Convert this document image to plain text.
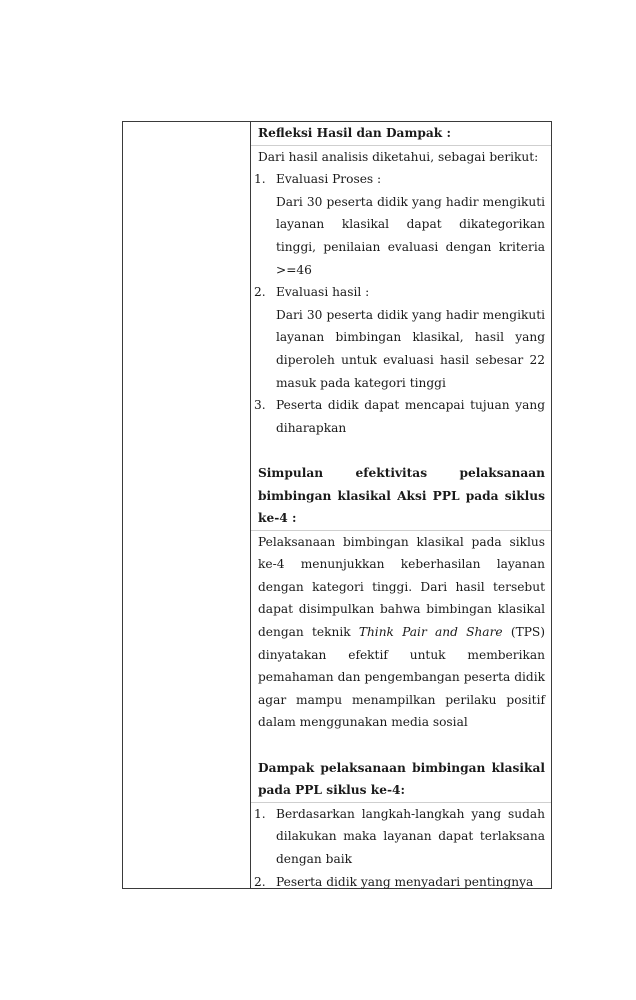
Refleksi Hasil dan Dampak :

Dari hasil analisis diketahui, sebagai berikut:

1. Evaluasi Proses :

Dari 30 peserta didik yang hadir mengikuti layanan klasikal dapat dikategorikan tinggi, penilaian evaluasi dengan kriteria >=46

2. Evaluasi hasil :

Dari 30 peserta didik yang hadir mengikuti layanan bimbingan klasikal, hasil yang diperoleh untuk evaluasi hasil sebesar 22 masuk pada kategori tinggi

3. Peserta didik dapat mencapai tujuan yang diharapkan

Simpulan efektivitas pelaksanaan bimbingan klasikal Aksi PPL pada siklus ke-4 :

Pelaksanaan bimbingan klasikal pada siklus ke-4 menunjukkan keberhasilan layanan dengan kategori tinggi. Dari hasil tersebut dapat disimpulkan bahwa bimbingan klasikal dengan teknik Think Pair and Share (TPS) dinyatakan efektif untuk memberikan pemahaman dan pengembangan peserta didik agar mampu menampilkan perilaku positif dalam menggunakan media sosial

Dampak pelaksanaan bimbingan klasikal pada PPL siklus ke-4:

1. Berdasarkan langkah-langkah yang sudah dilakukan maka layanan dapat terlaksana dengan baik
2. Peserta didik yang menyadari pentingnya
